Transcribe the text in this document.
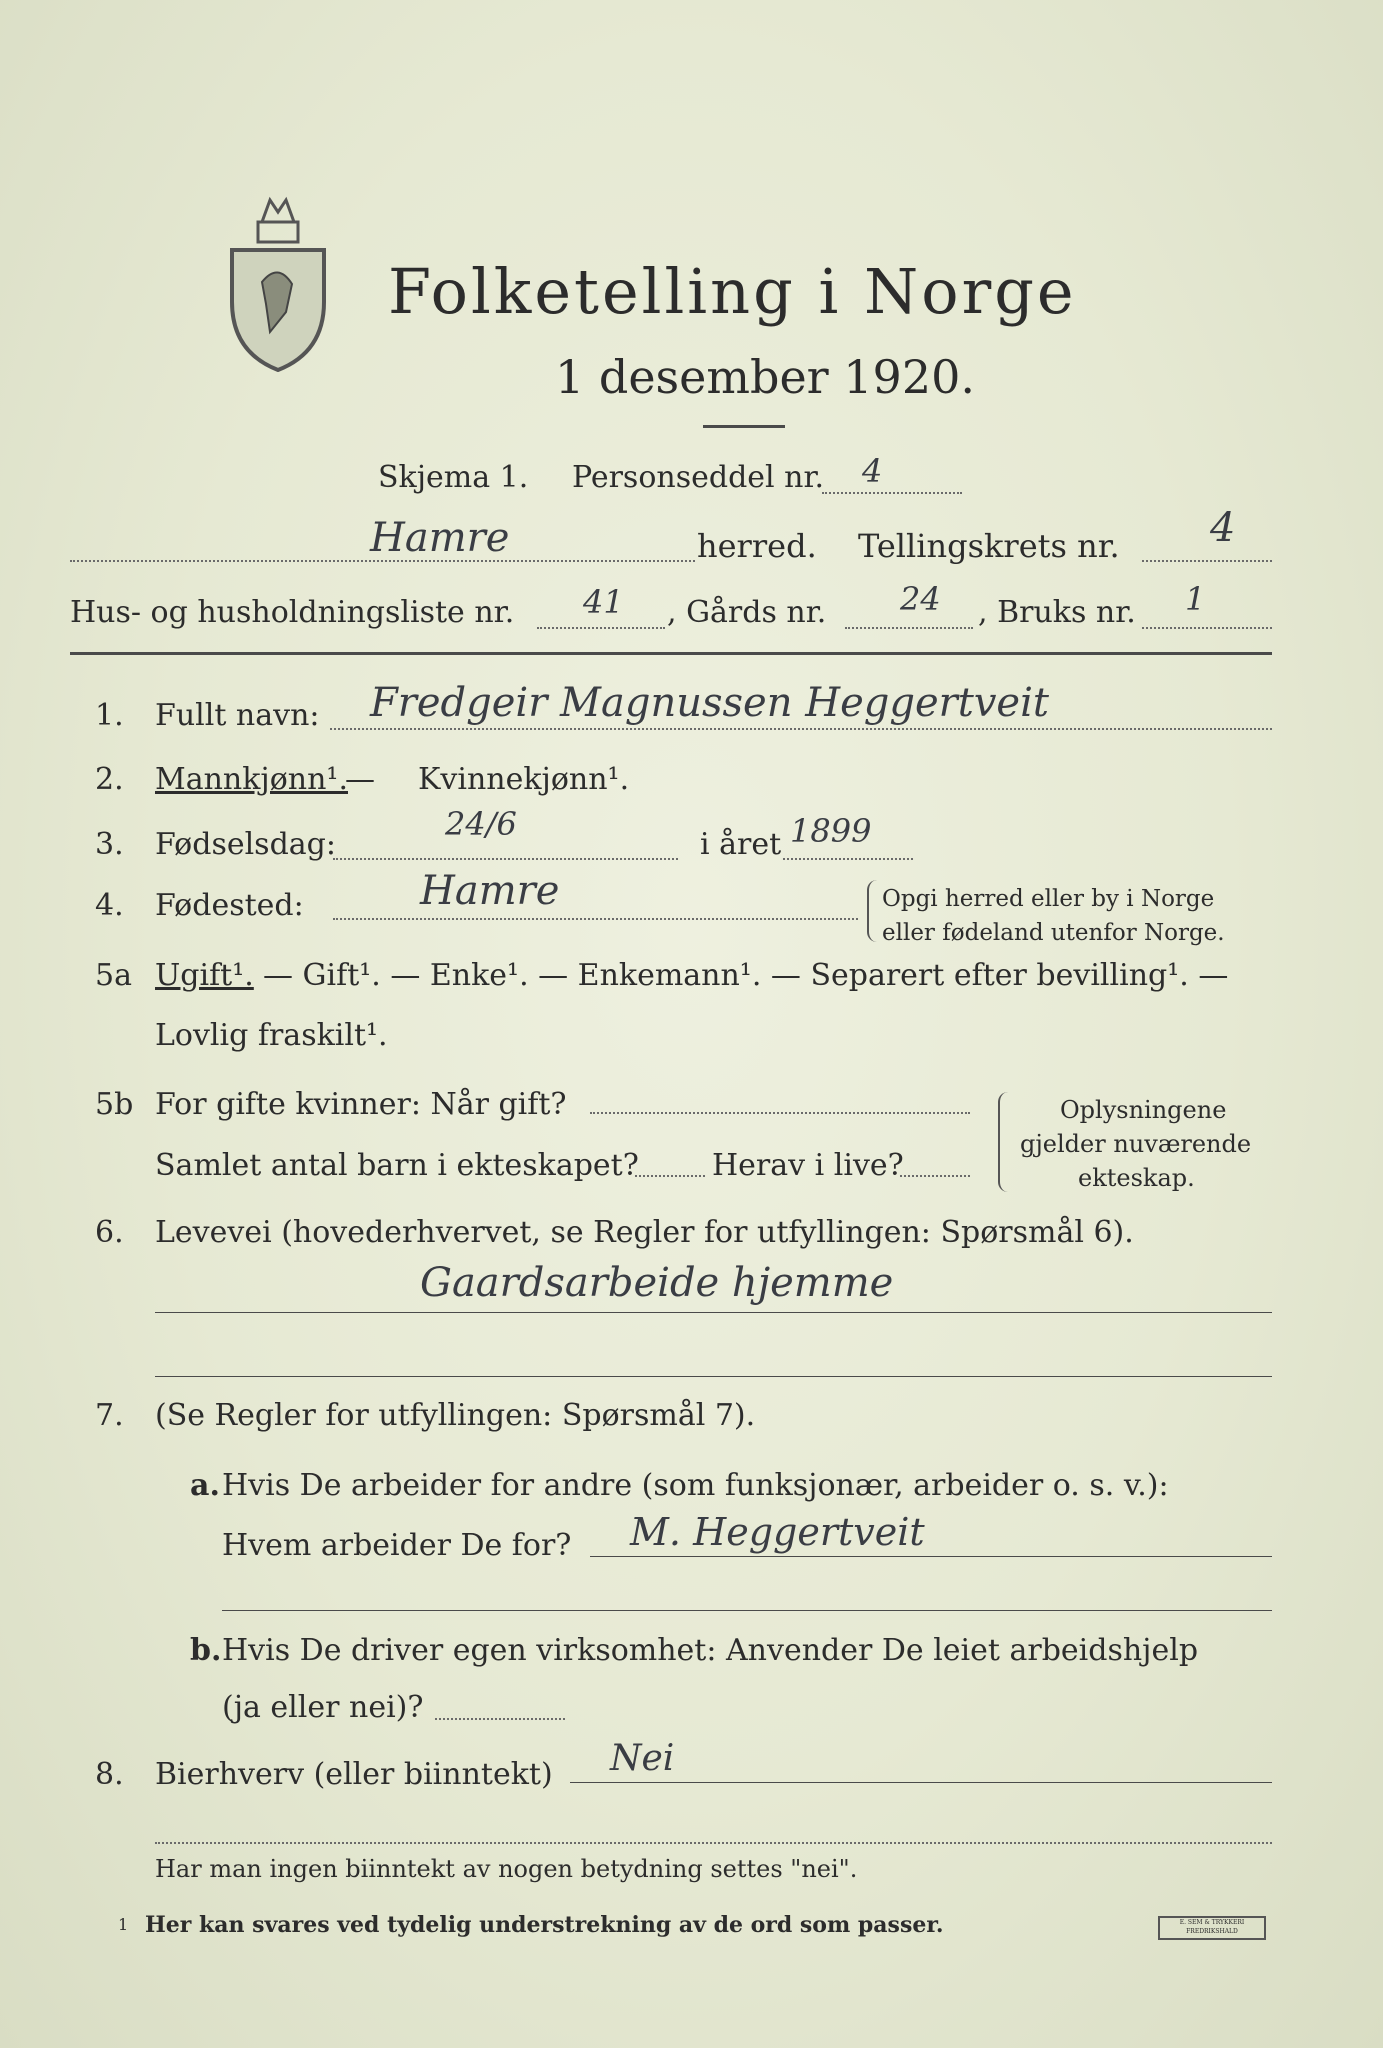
Folketelling i Norge
1 desember 1920.
Skjema 1. Personseddel nr. 4
Hamre	herred. Tellingskrets nr. 4
Hus- og husholdningsliste nr. 41 , Gårds nr. 24 , Bruks nr. 1
1. Fullt navn: Fredgeir Magnussen Heggertveit
2. Mannkjønn¹.
— Kvinnekjønn¹.
3. Fødselsdag:
24/6
i året 1899
4. Fødested:	Hamre	Opgi herred eller by i Norge
eller fødeland utenfor Norge.
5a Ugift¹. — Gift¹. — Enke¹. — Enkemann¹. — Separert efter bevilling¹. —
Lovlig fraskilt¹.
5b For gifte kvinner: Når gift?
Samlet antal barn i ekteskapet? Herav i live?
Oplysningene
gjelder nuværende
ekteskap.
6. Levevei (hovederhvervet, se Regler for utfyllingen: Spørsmål 6).
Gaardsarbeide hjemme
7. (Se Regler for utfyllingen: Spørsmål 7).
a. Hvis De arbeider for andre (som funksjonær, arbeider o. s. v.):
Hvem arbeider De for? M. Heggertveit
b. Hvis De driver egen virksomhet: Anvender De leiet arbeidshjelp
(ja eller nei)?
8. Bierhverv (eller biinntekt) Nei
Har man ingen biinntekt av nogen betydning settes "nei".
1 Her kan svares ved tydelig understrekning av de ord som passer.	E. SEM & TRYKKERI FREDRIKSHALD
